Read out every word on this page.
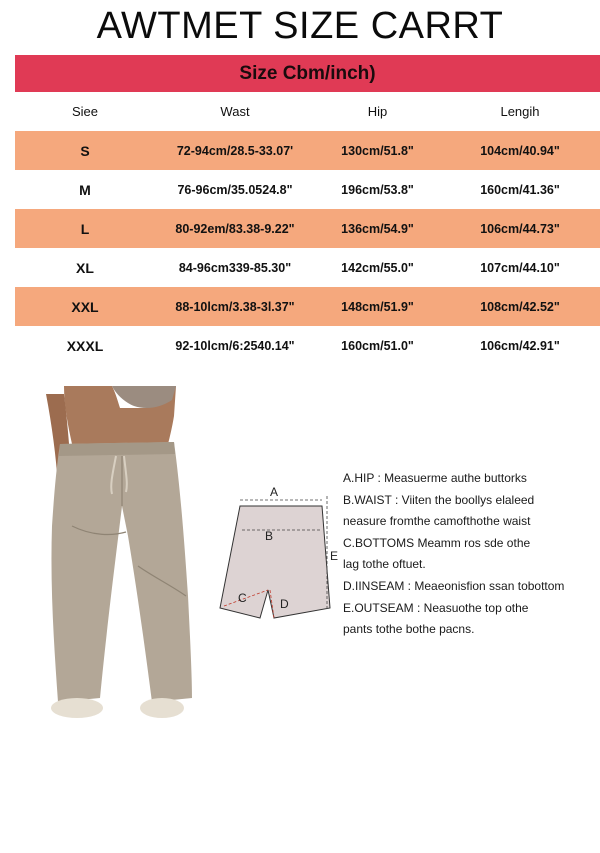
AWTMET SIZE CARRT
Size Cbm/inch)
Siee	Wast	Hip	Lengih
S	72-94cm/28.5-33.07'	130cm/51.8"	104cm/40.94"
M	76-96cm/35.0524.8"	196cm/53.8"	160cm/41.36"
L	80-92em/83.38-9.22"	136cm/54.9"	106cm/44.73"
XL	84-96cm339-85.30"	142cm/55.0"	107cm/44.10"
XXL	88-10lcm/3.38-3l.37"	148cm/51.9"	108cm/42.52"
XXXL	92-10lcm/6:2540.14"	160cm/51.0"	106cm/42.91"
A
B
C	D
E
A.HIP : Measuerme authe buttorks
B.WAIST : Viiten the boollys elaleed
neasure fromthe camofthothe waist
C.BOTTOMS Meamm ros sde othe
lag tothe oftuet.
D.IINSEAM : Meaeonisfion ssan tobottom
E.OUTSEAM : Neasuothe top othe
pants tothe bothe pacns.
